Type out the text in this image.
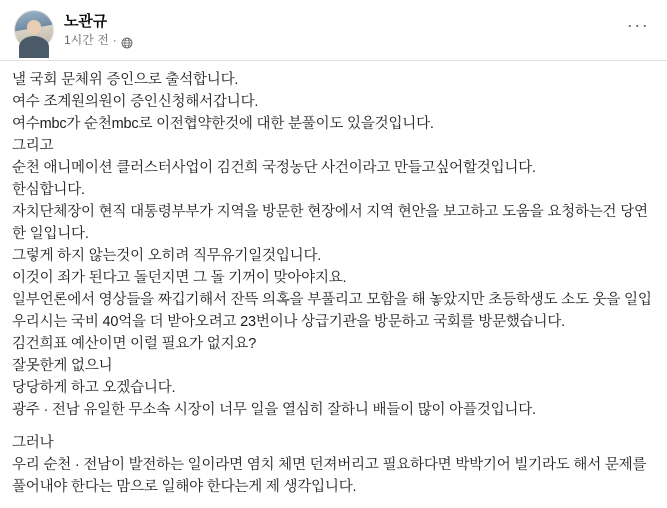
노관규
1시간 전 ·
···

낼 국회 문체위 증인으로 출석합니다.

여수 조계원의원이 증인신청해서갑니다.

여수mbc가 순천mbc로 이전협약한것에 대한 분풀이도 있을것입니다.

그리고

순천 애니메이션 클러스터사업이 김건희 국정농단 사건이라고 만들고싶어할것입니다.

한심합니다.

자치단체장이 현직 대통령부부가 지역을 방문한 현장에서 지역 현안을 보고하고 도움을 요청하는건 당연한 일입니다.

그렇게 하지 않는것이 오히려 직무유기일것입니다.

이것이 죄가 된다고 돌던지면 그 돌 기꺼이 맞아야지요.

일부언론에서 영상들을 짜깁기해서 잔뜩 의혹을 부풀리고 모함을 해 놓았지만 초등학생도 소도 웃을 일입

우리시는 국비 40억을 더 받아오려고 23번이나 상급기관을 방문하고 국회를 방문했습니다.

김건희표 예산이면 이럴 필요가 없지요?

잘못한게 없으니

당당하게 하고 오겠습니다.

광주 · 전남 유일한 무소속 시장이 너무 일을 열심히 잘하니 배들이 많이 아플것입니다.

그러나

우리 순천 · 전남이 발전하는 일이라면 염치 체면 던져버리고 필요하다면 박박기어 빌기라도 해서 문제를

풀어내야 한다는 맘으로 일해야 한다는게 제 생각입니다.
